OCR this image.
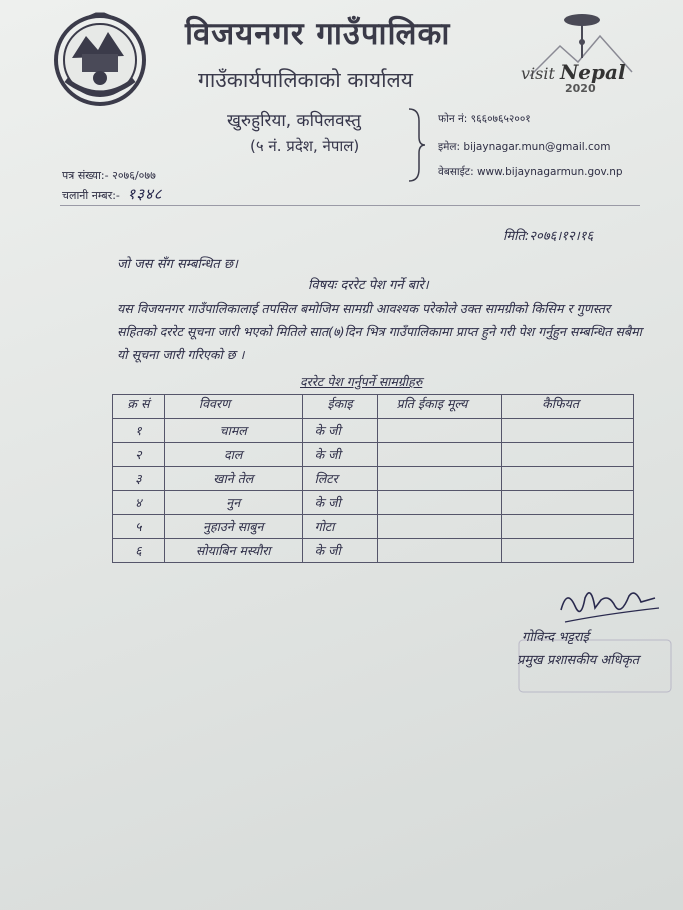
विजयनगर गाउँपालिका
गाउँकार्यपालिकाको कार्यालय
खुरुहुरिया, कपिलवस्तु
(५ नं. प्रदेश, नेपाल)
visit Nepal
2020
फोन नं: ९६६०७६५२००१
इमेल: bijaynagar.mun@gmail.com
वेबसाईट: www.bijaynagarmun.gov.np
पत्र संख्या:- २०७६/०७७
चलानी नम्बर:- १३४८
मिति:२०७६।१२।१६
जो जस सँग सम्बन्धित छ।
विषयः दररेट पेश गर्ने बारे।
यस विजयनगर गाउँपालिकालाई तपसिल बमोजिम सामग्री आवश्यक परेकोले उक्त सामग्रीको किसिम र गुणस्तर सहितको दररेट सूचना जारी भएको मितिले सात(७)दिन भित्र गाउँपालिकामा प्राप्त हुने गरी पेश गर्नुहुन सम्बन्धित सबैमा यो सूचना जारी गरिएको छ ।
दररेट पेश गर्नुपर्ने सामग्रीहरु
क्र सं	विवरण	ईकाइ	प्रति ईकाइ मूल्य	कैफियत
१	चामल	के जी		
२	दाल	के जी		
३	खाने तेल	लिटर		
४	नुन	के जी		
५	नुहाउने साबुन	गोटा		
६	सोयाबिन मस्यौरा	के जी		
गोविन्द भट्टराई
प्रमुख प्रशासकीय अधिकृत
